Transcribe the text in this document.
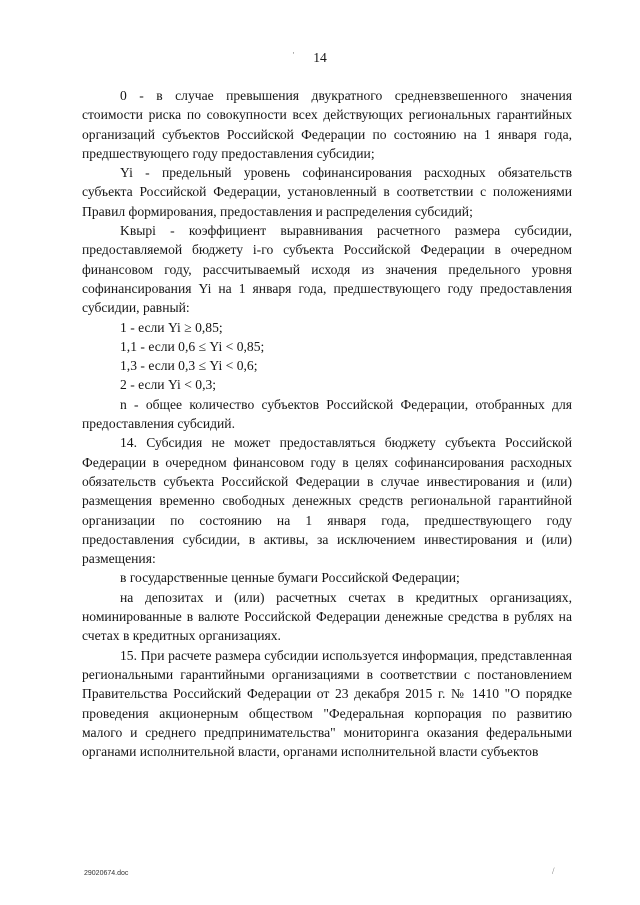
14
·

0 - в случае превышения двукратного средневзвешенного значения стоимости риска по совокупности всех действующих региональных гарантийных организаций субъектов Российской Федерации по состоянию на 1 января года, предшествующего году предоставления субсидии;

Yi - предельный уровень софинансирования расходных обязательств субъекта Российской Федерации, установленный в соответствии с положениями Правил формирования, предоставления и распределения субсидий;

Kвырi - коэффициент выравнивания расчетного размера субсидии, предоставляемой бюджету i-го субъекта Российской Федерации в очередном финансовом году, рассчитываемый исходя из значения предельного уровня софинансирования Yi на 1 января года, предшествующего году предоставления субсидии, равный:

1 - если Yi ≥ 0,85;

1,1 - если 0,6 ≤ Yi < 0,85;

1,3 - если 0,3 ≤ Yi < 0,6;

2 - если Yi < 0,3;

n - общее количество субъектов Российской Федерации, отобранных для предоставления субсидий.

14. Субсидия не может предоставляться бюджету субъекта Российской Федерации в очередном финансовом году в целях софинансирования расходных обязательств субъекта Российской Федерации в случае инвестирования и (или) размещения временно свободных денежных средств региональной гарантийной организации по состоянию на 1 января года, предшествующего году предоставления субсидии, в активы, за исключением инвестирования и (или) размещения:

в государственные ценные бумаги Российской Федерации;

на депозитах и (или) расчетных счетах в кредитных организациях, номинированные в валюте Российской Федерации денежные средства в рублях на счетах в кредитных организациях.

15. При расчете размера субсидии используется информация, представленная региональными гарантийными организациями в соответствии с постановлением Правительства Российский Федерации от 23 декабря 2015 г. № 1410 "О порядке проведения акционерным обществом "Федеральная корпорация по развитию малого и среднего предпринимательства" мониторинга оказания федеральными органами исполнительной власти, органами исполнительной власти субъектов

29020674.doc	/
